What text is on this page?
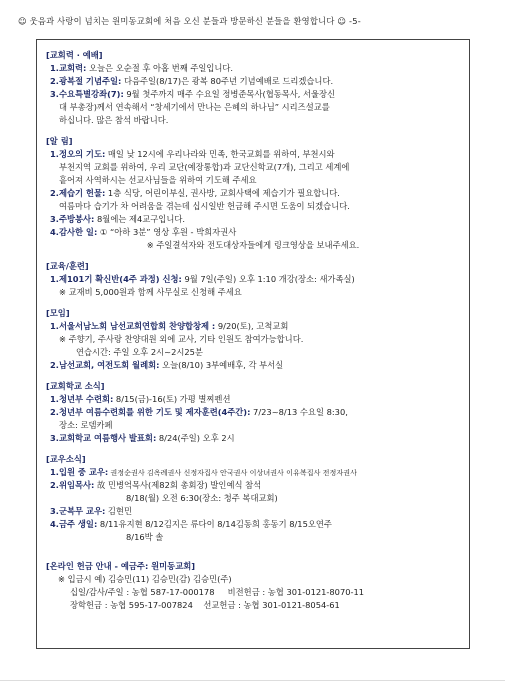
☺ 웃음과 사랑이 넘치는 원미동교회에 처음 오신 분들과 방문하신 분들을 환영합니다 ☺ -5-
[교회력 · 예배]
1. 교회력: 오늘은 오순절 후 아홉 번째 주일입니다.
2. 광복절 기념주일: 다음주일(8/17)은 광복 80주년 기념예배로 드리겠습니다.
3. 수요특별강좌(7): 9월 첫주까지 매주 수요일 정병준목사(협동목사, 서울장신
대 부총장)께서 연속해서 “창세기에서 만나는 은혜의 하나님” 시리즈설교를
하십니다. 많은 참석 바랍니다.
[알 림]
1. 정오의 기도: 매일 낮 12시에 우리나라와 민족, 한국교회를 위하여, 부천시와
부천지역 교회를 위하여, 우리 교단(예장통합)과 교단신학교(7개), 그리고 세계에
흩어져 사역하시는 선교사님들을 위하여 기도해 주세요
2. 제습기 헌물: 1층 식당, 어린이부실, 권사방, 교회사택에 제습기가 필요합니다.
여름마다 습기가 차 어려움을 겪는데 십시일반 헌금해 주시면 도움이 되겠습니다.
3. 주방봉사: 8월에는 제4교구입니다.
4. 감사한 일: ① “아하 3분” 영상 후원 - 박희자권사
※ 주일결석자와 전도대상자들에게 링크영상을 보내주세요.
[교육/훈련]
1. 제101기 확신반(4주 과정) 신청: 9월 7일(주일) 오후 1:10 개강(장소: 새가족실)
※ 교재비 5,000원과 함께 사무실로 신청해 주세요
[모임]
1. 서울서남노회 남선교회연합회 찬양합창제 : 9/20(토), 고척교회
※ 주향기, 주사랑 찬양대원 외에 교사, 기타 인원도 참여가능합니다.
연습시간: 주일 오후 2시~2시25분
2. 남선교회, 여전도회 월례회: 오늘(8/10) 3부예배후, 각 부서실
[교회학교 소식]
1. 청년부 수련회: 8/15(금)-16(토) 가평 별찌펜션
2. 청년부 여름수련회를 위한 기도 및 제자훈련(4주간): 7/23~8/13 수요일 8:30,
장소: 로뎀카페
3. 교회학교 여름행사 발표회: 8/24(주일) 오후 2시
[교우소식]
1. 입원 중 교우: 권정순권사 김옥례권사 신정자집사 안국권사 이상녀권사 이유복집사 전정자권사
2. 위임목사: 故 민병억목사(제82회 총회장) 발인예식 참석
8/18(월) 오전 6:30(장소: 청주 복대교회)
3. 군복무 교우: 김현민
4. 금주 생일: 8/11유지현 8/12김지은 류다이 8/14김동희 홍동기 8/15오연주
8/16박 솔
[온라인 헌금 안내 - 예금주: 원미동교회]
※ 입금시 예) 김승민(11) 김승민(감) 김승민(주)
십일/감사/주일 : 농협 587-17-000178     비전헌금 : 농협 301-0121-8070-11
장학헌금 : 농협 595-17-007824    선교헌금 : 농협 301-0121-8054-61
